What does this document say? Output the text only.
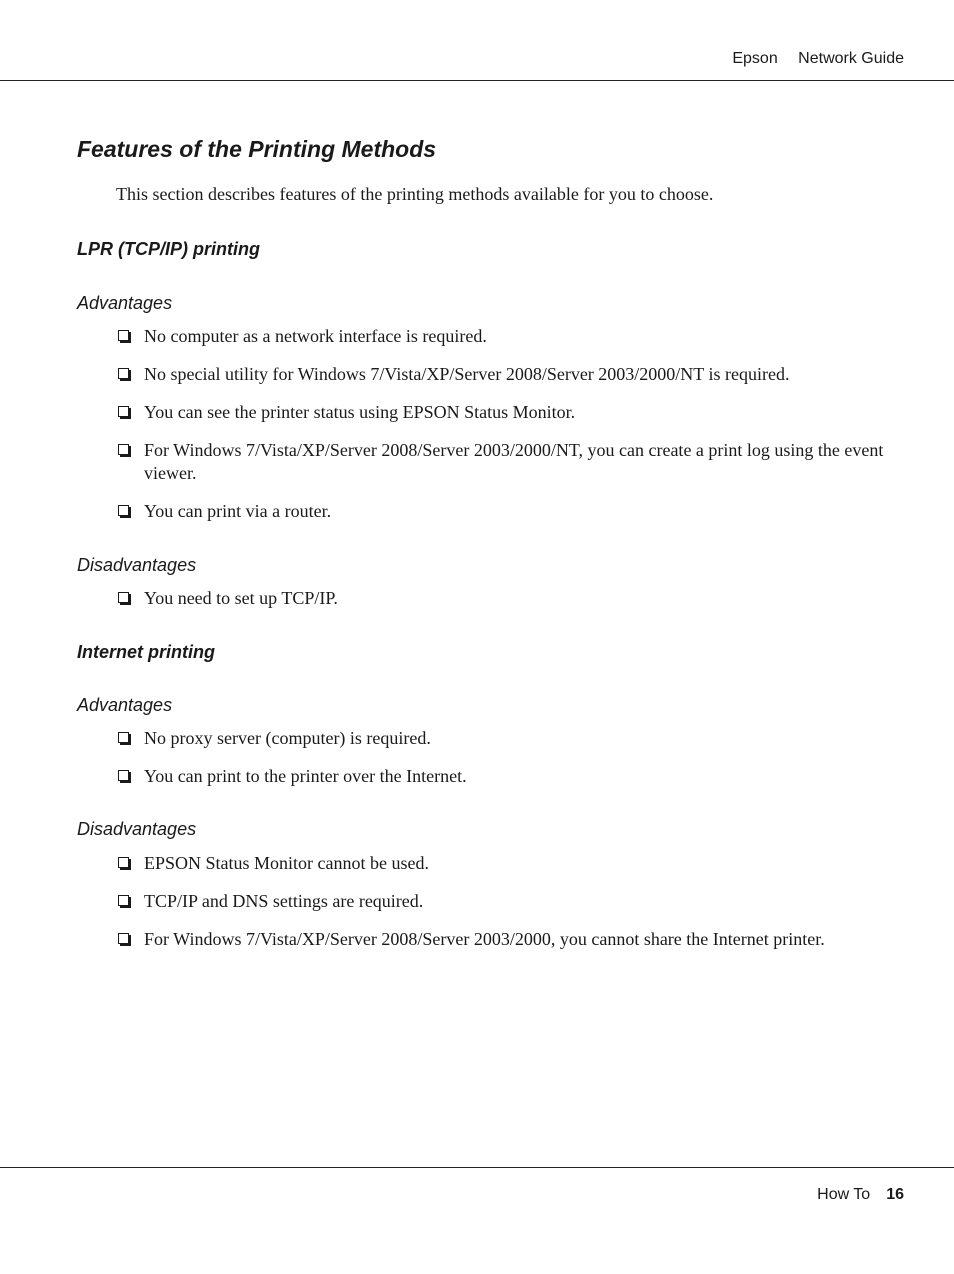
Epson Network Guide
Features of the Printing Methods

This section describes features of the printing methods available for you to choose.

LPR (TCP/IP) printing
Advantages
No computer as a network interface is required.
No special utility for Windows 7/Vista/XP/Server 2008/Server 2003/2000/NT is required.
You can see the printer status using EPSON Status Monitor.
For Windows 7/Vista/XP/Server 2008/Server 2003/2000/NT, you can create a print log using the event viewer.
You can print via a router.
Disadvantages
You need to set up TCP/IP.
Internet printing
Advantages
No proxy server (computer) is required.
You can print to the printer over the Internet.
Disadvantages
EPSON Status Monitor cannot be used.
TCP/IP and DNS settings are required.
For Windows 7/Vista/XP/Server 2008/Server 2003/2000, you cannot share the Internet printer.
How To 16
